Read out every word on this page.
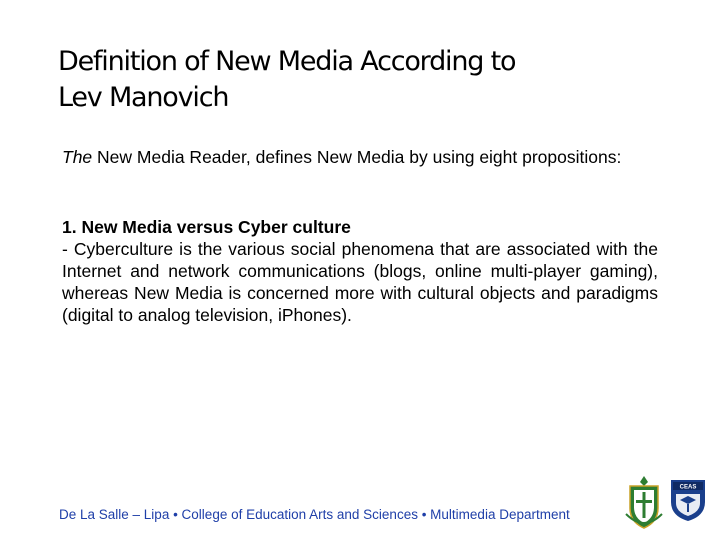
Definition of New Media According to
Lev Manovich

The New Media Reader, defines New Media by using eight propositions:

1. New Media versus Cyber culture

- Cyberculture is the various social phenomena that are associated with the Internet and network communications (blogs, online multi-player gaming), whereas New Media is concerned more with cultural objects and paradigms (digital to analog television, iPhones).

De La Salle – Lipa • College of Education Arts and Sciences • Multimedia Department
CEAS
